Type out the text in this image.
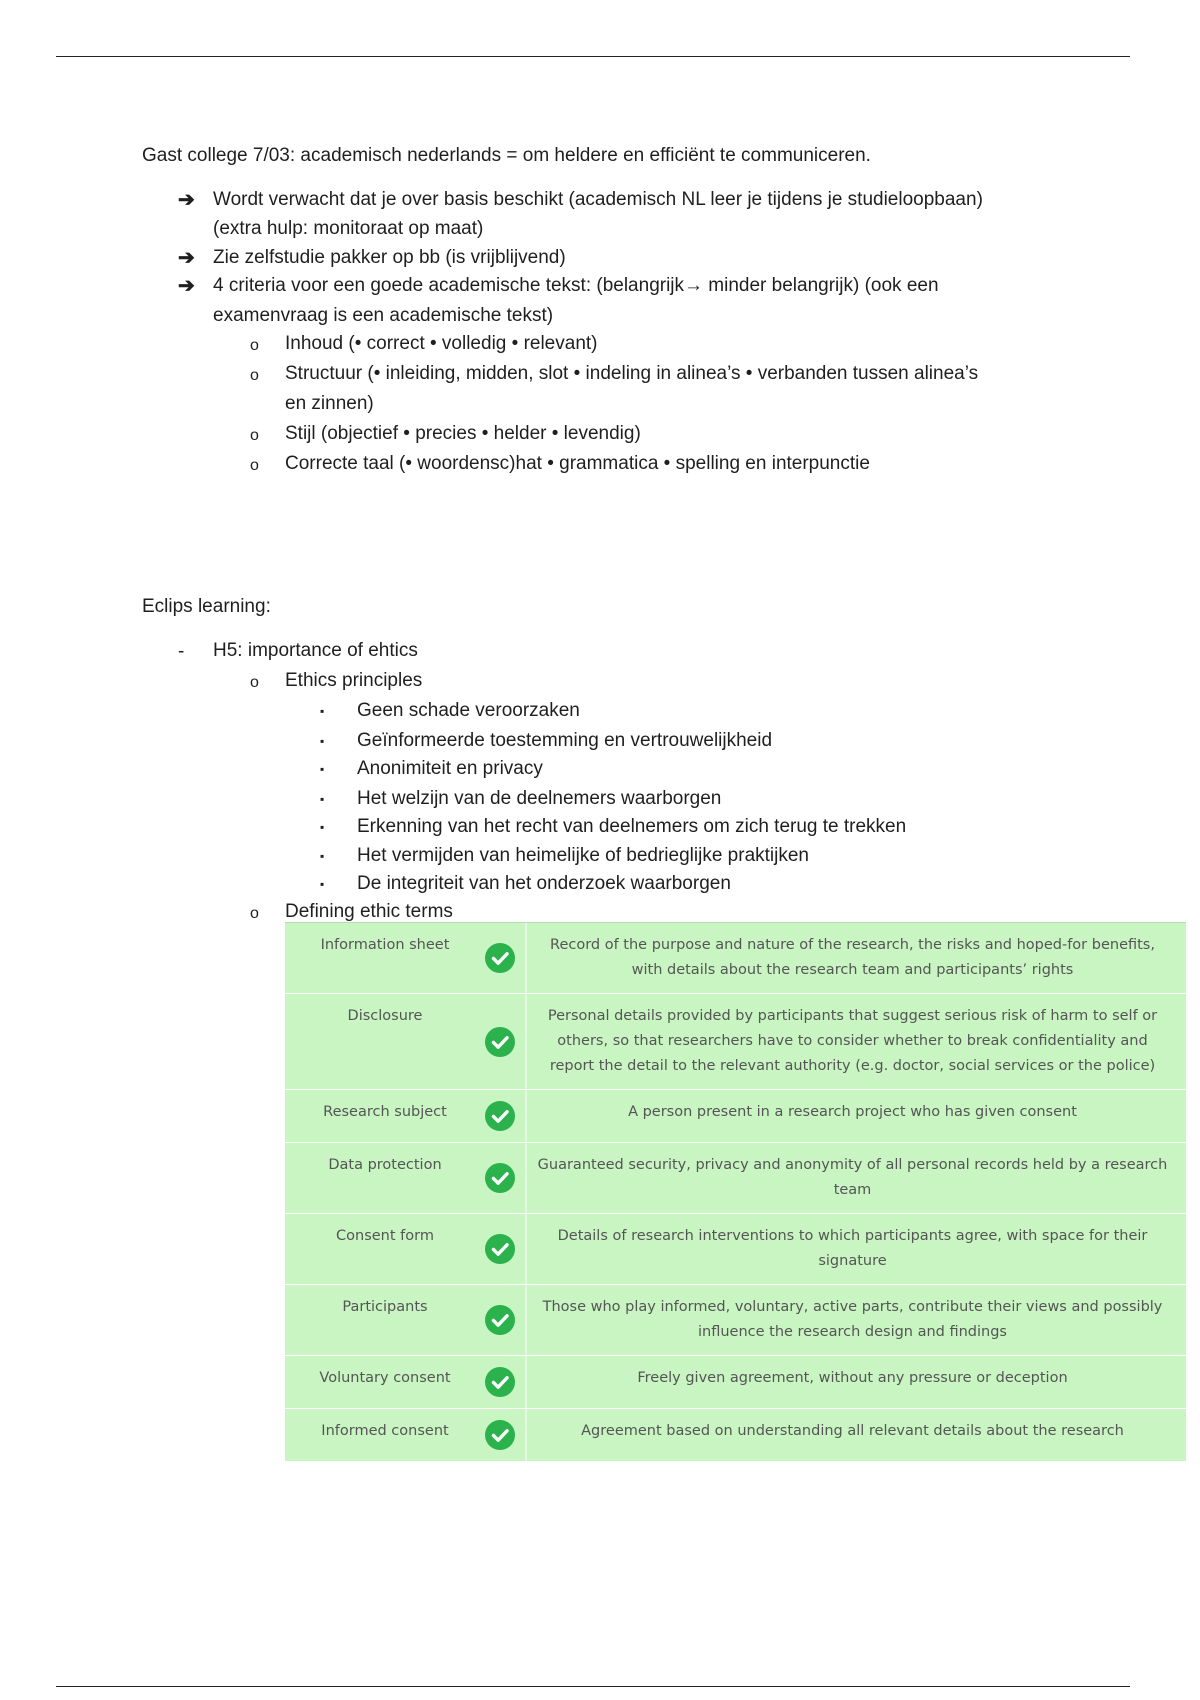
Gast college 7/03: academisch nederlands = om heldere en efficiënt te communiceren.
➔ Wordt verwacht dat je over basis beschikt (academisch NL leer je tijdens je studieloopbaan)
(extra hulp: monitoraat op maat)
➔ Zie zelfstudie pakker op bb (is vrijblijvend)
➔ 4 criteria voor een goede academische tekst: (belangrijk→ minder belangrijk) (ook een
examenvraag is een academische tekst)
o Inhoud (• correct • volledig • relevant)
o Structuur (• inleiding, midden, slot • indeling in alinea’s • verbanden tussen alinea’s
en zinnen)
o Stijl (objectief • precies • helder • levendig)
o Correcte taal (• woordensc)hat • grammatica • spelling en interpunctie
Eclips learning:
- H5: importance of ehtics
o Ethics principles
▪ Geen schade veroorzaken
▪ Geïnformeerde toestemming en vertrouwelijkheid
▪ Anonimiteit en privacy
▪ Het welzijn van de deelnemers waarborgen
▪ Erkenning van het recht van deelnemers om zich terug te trekken
▪ Het vermijden van heimelijke of bedrieglijke praktijken
▪ De integriteit van het onderzoek waarborgen
o Defining ethic terms
Information sheet	Record of the purpose and nature of the research, the risks and hoped-for benefits, with details about the research team and participants’ rights
Disclosure	Personal details provided by participants that suggest serious risk of harm to self or others, so that researchers have to consider whether to break confidentiality and report the detail to the relevant authority (e.g. doctor, social services or the police)
Research subject	A person present in a research project who has given consent
Data protection	Guaranteed security, privacy and anonymity of all personal records held by a research team
Consent form	Details of research interventions to which participants agree, with space for their signature
Participants	Those who play informed, voluntary, active parts, contribute their views and possibly influence the research design and findings
Voluntary consent	Freely given agreement, without any pressure or deception
Informed consent	Agreement based on understanding all relevant details about the research
